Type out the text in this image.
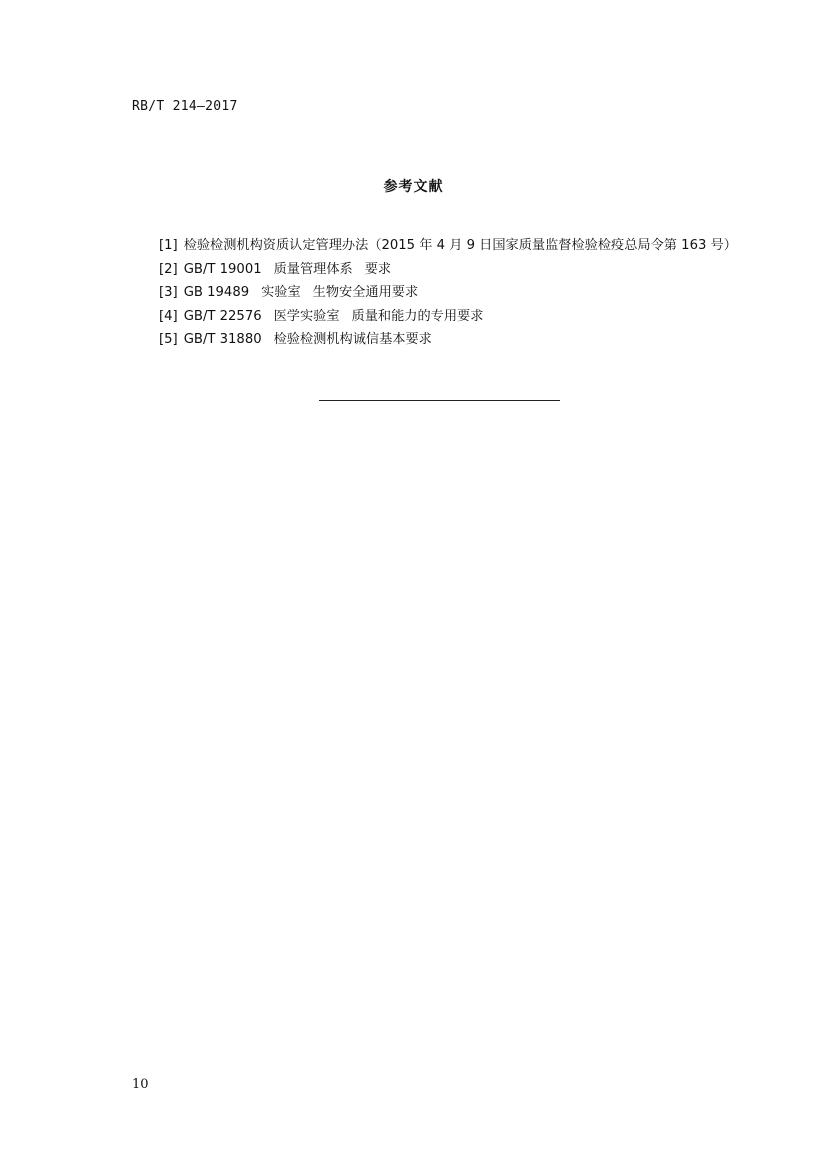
RB/T 214—2017
参考文献
[1] 检验检测机构资质认定管理办法（2015 年 4 月 9 日国家质量监督检验检疫总局令第 163 号）
[2] GB/T 19001 质量管理体系 要求
[3] GB 19489 实验室 生物安全通用要求
[4] GB/T 22576 医学实验室 质量和能力的专用要求
[5] GB/T 31880 检验检测机构诚信基本要求
10
